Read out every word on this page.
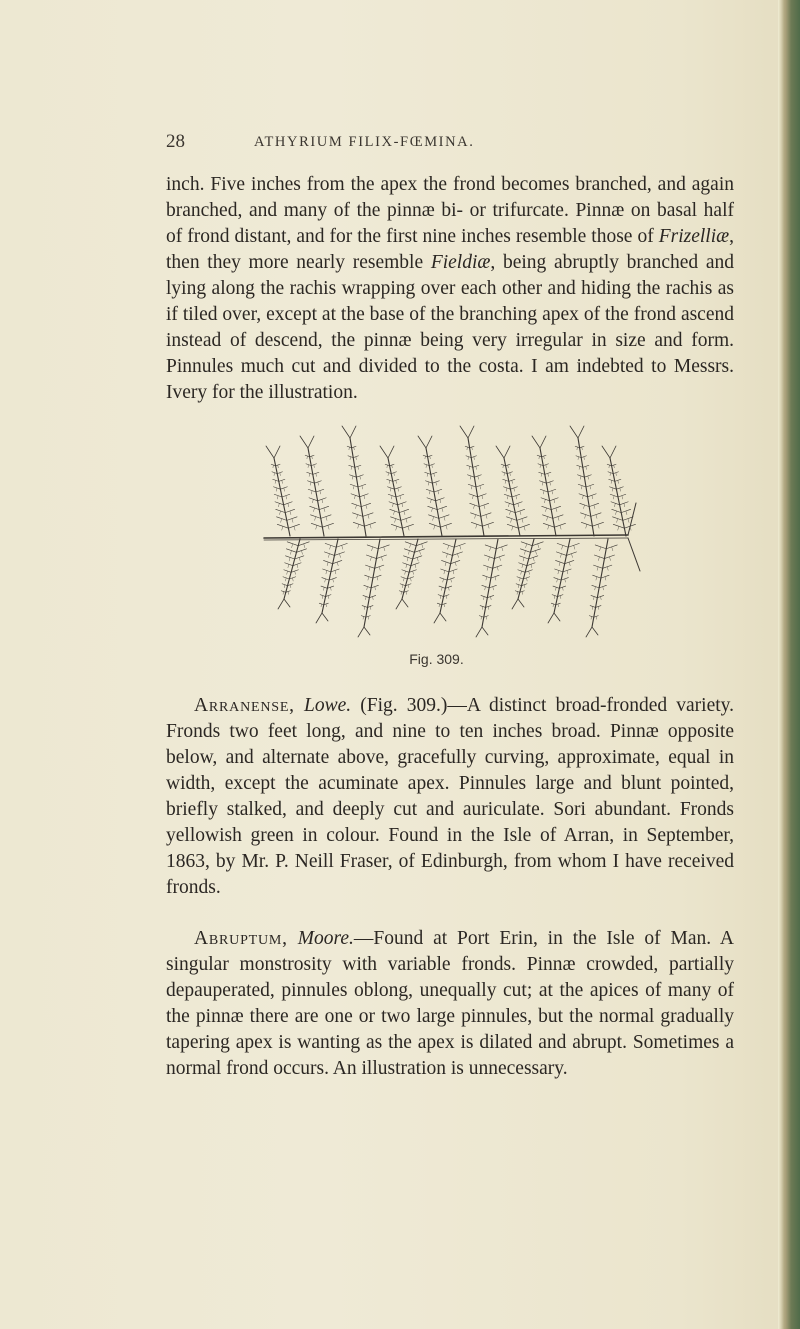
28	ATHYRIUM FILIX-FŒMINA.

inch. Five inches from the apex the frond becomes branched, and again branched, and many of the pinnæ bi- or trifurcate. Pinnæ on basal half of frond distant, and for the first nine inches resemble those of Frizelliæ, then they more nearly resemble Fieldiæ, being abruptly branched and lying along the rachis wrapping over each other and hiding the rachis as if tiled over, except at the base of the branching apex of the frond ascend instead of descend, the pinnæ being very irregular in size and form. Pinnules much cut and divided to the costa. I am indebted to Messrs. Ivery for the illustration.

Fig. 309.

Arranense, Lowe. (Fig. 309.)—A distinct broad-fronded variety. Fronds two feet long, and nine to ten inches broad. Pinnæ opposite below, and alternate above, gracefully curving, approximate, equal in width, except the acuminate apex. Pinnules large and blunt pointed, briefly stalked, and deeply cut and auriculate. Sori abundant. Fronds yellowish green in colour. Found in the Isle of Arran, in September, 1863, by Mr. P. Neill Fraser, of Edinburgh, from whom I have received fronds.

Abruptum, Moore.—Found at Port Erin, in the Isle of Man. A singular monstrosity with variable fronds. Pinnæ crowded, partially depauperated, pinnules oblong, unequally cut; at the apices of many of the pinnæ there are one or two large pinnules, but the normal gradually tapering apex is wanting as the apex is dilated and abrupt. Sometimes a normal frond occurs. An illustration is unnecessary.
